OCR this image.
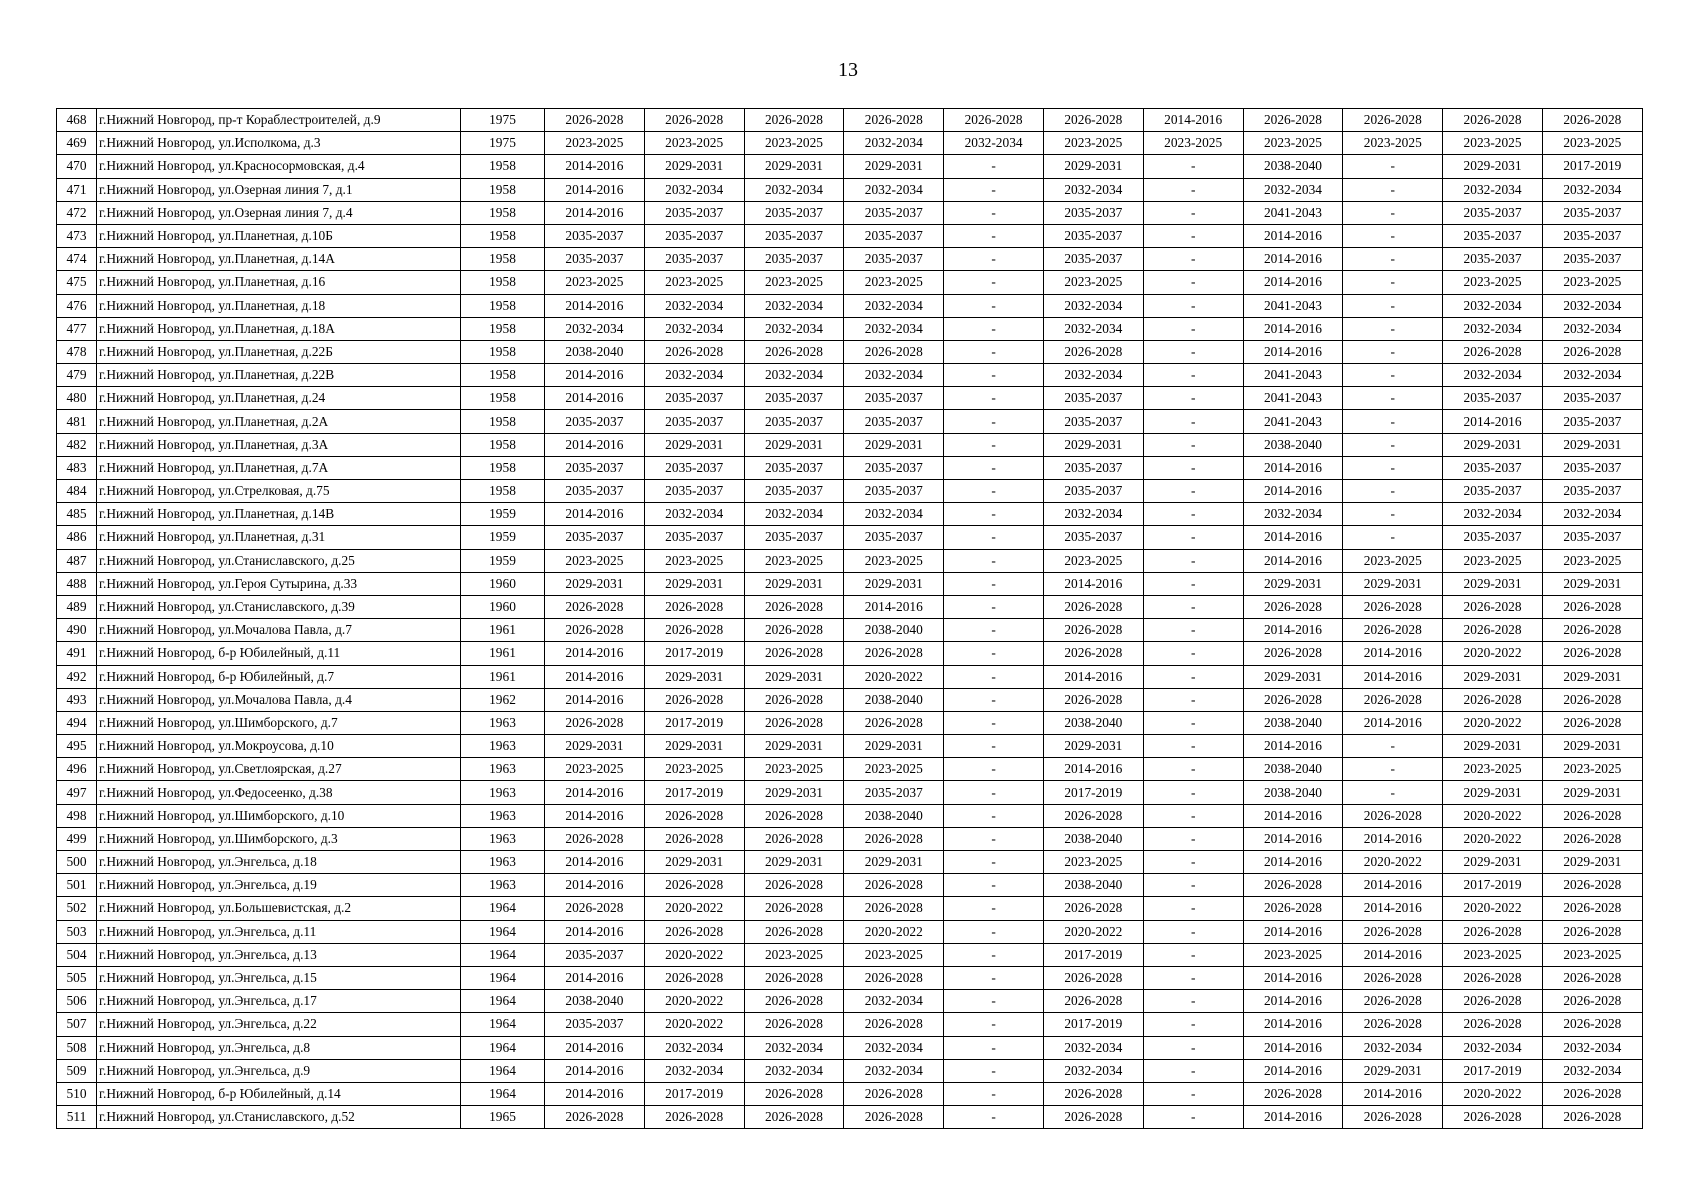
13
468	г.Нижний Новгород, пр-т Кораблестроителей, д.9	1975	2026-2028	2026-2028	2026-2028	2026-2028	2026-2028	2026-2028	2014-2016	2026-2028	2026-2028	2026-2028	2026-2028
469	г.Нижний Новгород, ул.Исполкома, д.3	1975	2023-2025	2023-2025	2023-2025	2032-2034	2032-2034	2023-2025	2023-2025	2023-2025	2023-2025	2023-2025	2023-2025
470	г.Нижний Новгород, ул.Красносормовская, д.4	1958	2014-2016	2029-2031	2029-2031	2029-2031	-	2029-2031	-	2038-2040	-	2029-2031	2017-2019
471	г.Нижний Новгород, ул.Озерная линия 7, д.1	1958	2014-2016	2032-2034	2032-2034	2032-2034	-	2032-2034	-	2032-2034	-	2032-2034	2032-2034
472	г.Нижний Новгород, ул.Озерная линия 7, д.4	1958	2014-2016	2035-2037	2035-2037	2035-2037	-	2035-2037	-	2041-2043	-	2035-2037	2035-2037
473	г.Нижний Новгород, ул.Планетная, д.10Б	1958	2035-2037	2035-2037	2035-2037	2035-2037	-	2035-2037	-	2014-2016	-	2035-2037	2035-2037
474	г.Нижний Новгород, ул.Планетная, д.14А	1958	2035-2037	2035-2037	2035-2037	2035-2037	-	2035-2037	-	2014-2016	-	2035-2037	2035-2037
475	г.Нижний Новгород, ул.Планетная, д.16	1958	2023-2025	2023-2025	2023-2025	2023-2025	-	2023-2025	-	2014-2016	-	2023-2025	2023-2025
476	г.Нижний Новгород, ул.Планетная, д.18	1958	2014-2016	2032-2034	2032-2034	2032-2034	-	2032-2034	-	2041-2043	-	2032-2034	2032-2034
477	г.Нижний Новгород, ул.Планетная, д.18А	1958	2032-2034	2032-2034	2032-2034	2032-2034	-	2032-2034	-	2014-2016	-	2032-2034	2032-2034
478	г.Нижний Новгород, ул.Планетная, д.22Б	1958	2038-2040	2026-2028	2026-2028	2026-2028	-	2026-2028	-	2014-2016	-	2026-2028	2026-2028
479	г.Нижний Новгород, ул.Планетная, д.22В	1958	2014-2016	2032-2034	2032-2034	2032-2034	-	2032-2034	-	2041-2043	-	2032-2034	2032-2034
480	г.Нижний Новгород, ул.Планетная, д.24	1958	2014-2016	2035-2037	2035-2037	2035-2037	-	2035-2037	-	2041-2043	-	2035-2037	2035-2037
481	г.Нижний Новгород, ул.Планетная, д.2А	1958	2035-2037	2035-2037	2035-2037	2035-2037	-	2035-2037	-	2041-2043	-	2014-2016	2035-2037
482	г.Нижний Новгород, ул.Планетная, д.3А	1958	2014-2016	2029-2031	2029-2031	2029-2031	-	2029-2031	-	2038-2040	-	2029-2031	2029-2031
483	г.Нижний Новгород, ул.Планетная, д.7А	1958	2035-2037	2035-2037	2035-2037	2035-2037	-	2035-2037	-	2014-2016	-	2035-2037	2035-2037
484	г.Нижний Новгород, ул.Стрелковая, д.75	1958	2035-2037	2035-2037	2035-2037	2035-2037	-	2035-2037	-	2014-2016	-	2035-2037	2035-2037
485	г.Нижний Новгород, ул.Планетная, д.14В	1959	2014-2016	2032-2034	2032-2034	2032-2034	-	2032-2034	-	2032-2034	-	2032-2034	2032-2034
486	г.Нижний Новгород, ул.Планетная, д.31	1959	2035-2037	2035-2037	2035-2037	2035-2037	-	2035-2037	-	2014-2016	-	2035-2037	2035-2037
487	г.Нижний Новгород, ул.Станиславского, д.25	1959	2023-2025	2023-2025	2023-2025	2023-2025	-	2023-2025	-	2014-2016	2023-2025	2023-2025	2023-2025
488	г.Нижний Новгород, ул.Героя Сутырина, д.33	1960	2029-2031	2029-2031	2029-2031	2029-2031	-	2014-2016	-	2029-2031	2029-2031	2029-2031	2029-2031
489	г.Нижний Новгород, ул.Станиславского, д.39	1960	2026-2028	2026-2028	2026-2028	2014-2016	-	2026-2028	-	2026-2028	2026-2028	2026-2028	2026-2028
490	г.Нижний Новгород, ул.Мочалова Павла, д.7	1961	2026-2028	2026-2028	2026-2028	2038-2040	-	2026-2028	-	2014-2016	2026-2028	2026-2028	2026-2028
491	г.Нижний Новгород, б-р Юбилейный, д.11	1961	2014-2016	2017-2019	2026-2028	2026-2028	-	2026-2028	-	2026-2028	2014-2016	2020-2022	2026-2028
492	г.Нижний Новгород, б-р Юбилейный, д.7	1961	2014-2016	2029-2031	2029-2031	2020-2022	-	2014-2016	-	2029-2031	2014-2016	2029-2031	2029-2031
493	г.Нижний Новгород, ул.Мочалова Павла, д.4	1962	2014-2016	2026-2028	2026-2028	2038-2040	-	2026-2028	-	2026-2028	2026-2028	2026-2028	2026-2028
494	г.Нижний Новгород, ул.Шимборского, д.7	1963	2026-2028	2017-2019	2026-2028	2026-2028	-	2038-2040	-	2038-2040	2014-2016	2020-2022	2026-2028
495	г.Нижний Новгород, ул.Мокроусова, д.10	1963	2029-2031	2029-2031	2029-2031	2029-2031	-	2029-2031	-	2014-2016	-	2029-2031	2029-2031
496	г.Нижний Новгород, ул.Светлоярская, д.27	1963	2023-2025	2023-2025	2023-2025	2023-2025	-	2014-2016	-	2038-2040	-	2023-2025	2023-2025
497	г.Нижний Новгород, ул.Федосеенко, д.38	1963	2014-2016	2017-2019	2029-2031	2035-2037	-	2017-2019	-	2038-2040	-	2029-2031	2029-2031
498	г.Нижний Новгород, ул.Шимборского, д.10	1963	2014-2016	2026-2028	2026-2028	2038-2040	-	2026-2028	-	2014-2016	2026-2028	2020-2022	2026-2028
499	г.Нижний Новгород, ул.Шимборского, д.3	1963	2026-2028	2026-2028	2026-2028	2026-2028	-	2038-2040	-	2014-2016	2014-2016	2020-2022	2026-2028
500	г.Нижний Новгород, ул.Энгельса, д.18	1963	2014-2016	2029-2031	2029-2031	2029-2031	-	2023-2025	-	2014-2016	2020-2022	2029-2031	2029-2031
501	г.Нижний Новгород, ул.Энгельса, д.19	1963	2014-2016	2026-2028	2026-2028	2026-2028	-	2038-2040	-	2026-2028	2014-2016	2017-2019	2026-2028
502	г.Нижний Новгород, ул.Большевистская, д.2	1964	2026-2028	2020-2022	2026-2028	2026-2028	-	2026-2028	-	2026-2028	2014-2016	2020-2022	2026-2028
503	г.Нижний Новгород, ул.Энгельса, д.11	1964	2014-2016	2026-2028	2026-2028	2020-2022	-	2020-2022	-	2014-2016	2026-2028	2026-2028	2026-2028
504	г.Нижний Новгород, ул.Энгельса, д.13	1964	2035-2037	2020-2022	2023-2025	2023-2025	-	2017-2019	-	2023-2025	2014-2016	2023-2025	2023-2025
505	г.Нижний Новгород, ул.Энгельса, д.15	1964	2014-2016	2026-2028	2026-2028	2026-2028	-	2026-2028	-	2014-2016	2026-2028	2026-2028	2026-2028
506	г.Нижний Новгород, ул.Энгельса, д.17	1964	2038-2040	2020-2022	2026-2028	2032-2034	-	2026-2028	-	2014-2016	2026-2028	2026-2028	2026-2028
507	г.Нижний Новгород, ул.Энгельса, д.22	1964	2035-2037	2020-2022	2026-2028	2026-2028	-	2017-2019	-	2014-2016	2026-2028	2026-2028	2026-2028
508	г.Нижний Новгород, ул.Энгельса, д.8	1964	2014-2016	2032-2034	2032-2034	2032-2034	-	2032-2034	-	2014-2016	2032-2034	2032-2034	2032-2034
509	г.Нижний Новгород, ул.Энгельса, д.9	1964	2014-2016	2032-2034	2032-2034	2032-2034	-	2032-2034	-	2014-2016	2029-2031	2017-2019	2032-2034
510	г.Нижний Новгород, б-р Юбилейный, д.14	1964	2014-2016	2017-2019	2026-2028	2026-2028	-	2026-2028	-	2026-2028	2014-2016	2020-2022	2026-2028
511	г.Нижний Новгород, ул.Станиславского, д.52	1965	2026-2028	2026-2028	2026-2028	2026-2028	-	2026-2028	-	2014-2016	2026-2028	2026-2028	2026-2028
